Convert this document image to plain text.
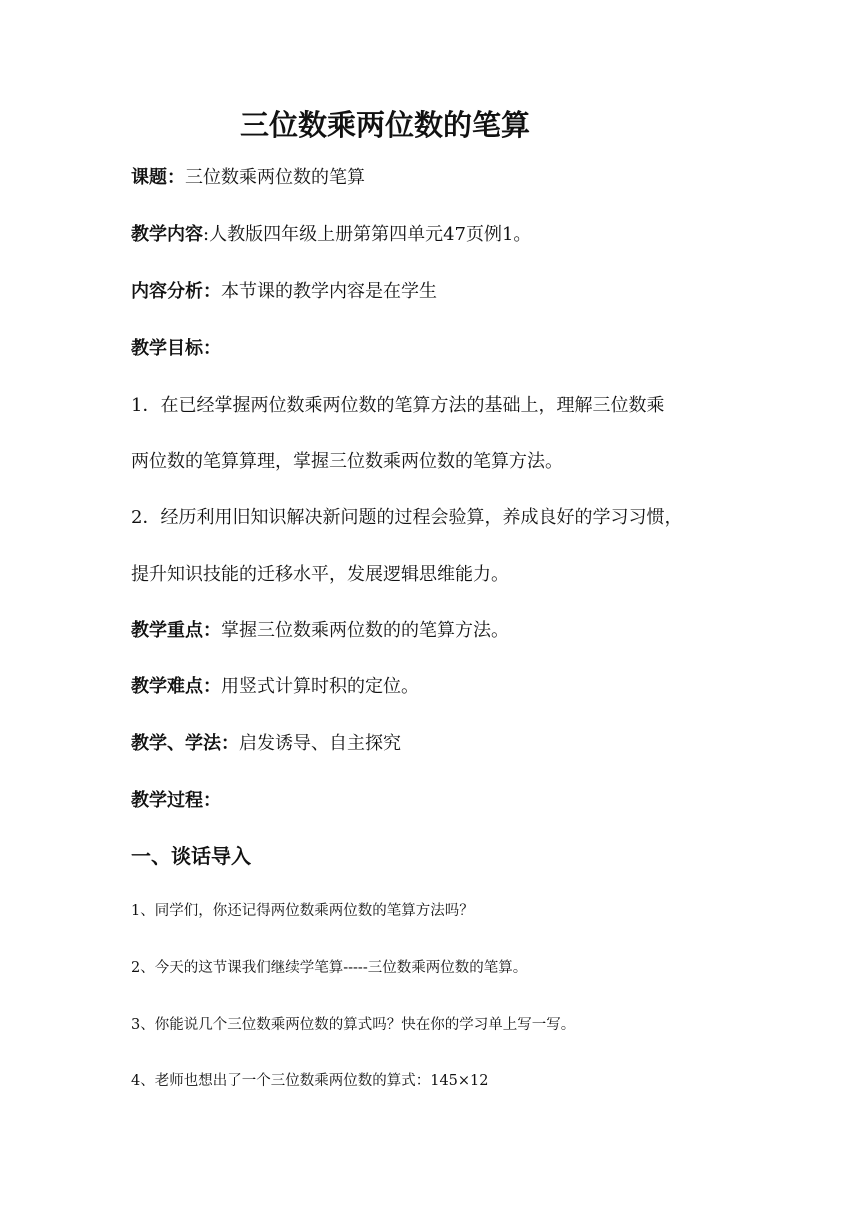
三位数乘两位数的笔算

课题：三位数乘两位数的笔算

教学内容:人教版四年级上册第第四单元47页例1。

内容分析：本节课的教学内容是在学生

教学目标：

1．在已经掌握两位数乘两位数的笔算方法的基础上，理解三位数乘

两位数的笔算算理，掌握三位数乘两位数的笔算方法。

2．经历利用旧知识解决新问题的过程会验算，养成良好的学习习惯，

提升知识技能的迁移水平，发展逻辑思维能力。

教学重点：掌握三位数乘两位数的的笔算方法。

教学难点：用竖式计算时积的定位。

教学、学法：启发诱导、自主探究

教学过程：

一、谈话导入

1、同学们，你还记得两位数乘两位数的笔算方法吗？

2、今天的这节课我们继续学笔算-----三位数乘两位数的笔算。

3、你能说几个三位数乘两位数的算式吗？快在你的学习单上写一写。

4、老师也想出了一个三位数乘两位数的算式：145×12
